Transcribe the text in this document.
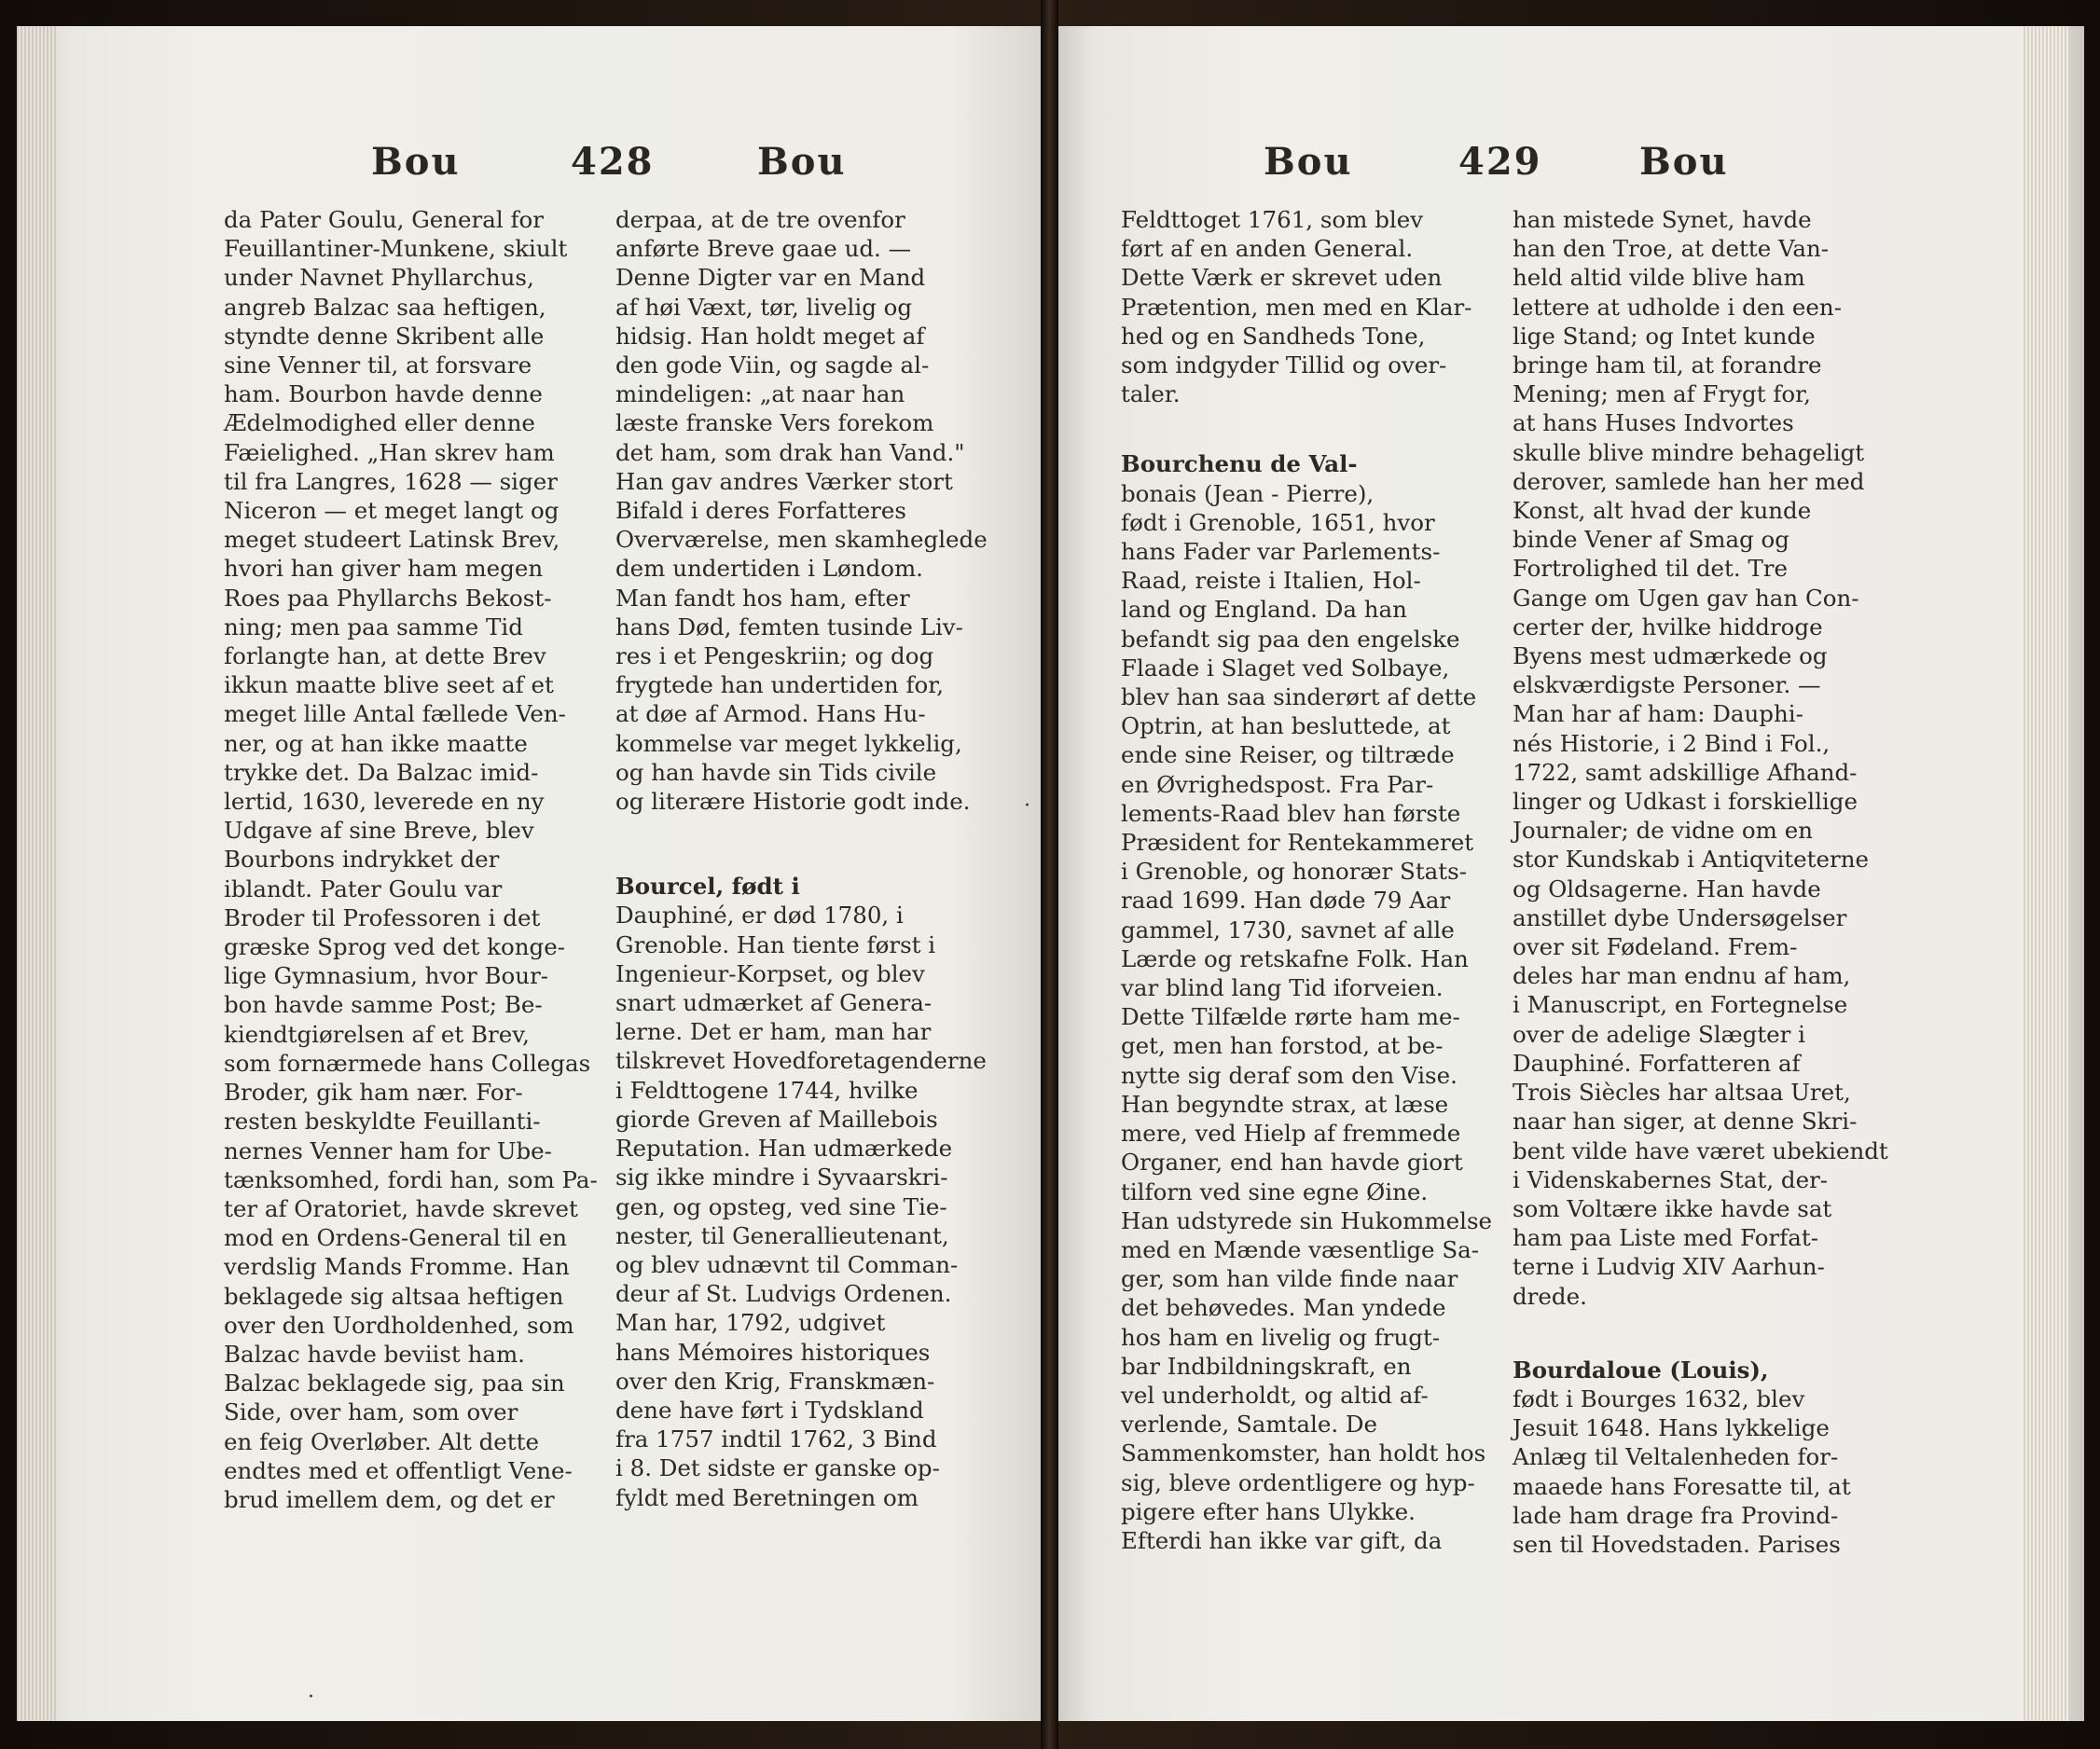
Bou	428	Bou

da Pater Goulu, General for

Feuillantiner-Munkene, skiult

under Navnet Phyllarchus,

angreb Balzac saa heftigen,

styndte denne Skribent alle

sine Venner til, at forsvare

ham. Bourbon havde denne

Ædelmodighed eller denne

Fæielighed. „Han skrev ham

til fra Langres, 1628 — siger

Niceron — et meget langt og

meget studeert Latinsk Brev,

hvori han giver ham megen

Roes paa Phyllarchs Bekost-

ning; men paa samme Tid

forlangte han, at dette Brev

ikkun maatte blive seet af et

meget lille Antal fællede Ven-

ner, og at han ikke maatte

trykke det. Da Balzac imid-

lertid, 1630, leverede en ny

Udgave af sine Breve, blev

Bourbons indrykket der

iblandt. Pater Goulu var

Broder til Professoren i det

græske Sprog ved det konge-

lige Gymnasium, hvor Bour-

bon havde samme Post; Be-

kiendtgiørelsen af et Brev,

som fornærmede hans Collegas

Broder, gik ham nær. For-

resten beskyldte Feuillanti-

nernes Venner ham for Ube-

tænksomhed, fordi han, som Pa-

ter af Oratoriet, havde skrevet

mod en Ordens-General til en

verdslig Mands Fromme. Han

beklagede sig altsaa heftigen

over den Uordholdenhed, som

Balzac havde beviist ham.

Balzac beklagede sig, paa sin

Side, over ham, som over

en feig Overløber. Alt dette

endtes med et offentligt Vene-

brud imellem dem, og det er

derpaa, at de tre ovenfor

anførte Breve gaae ud. —

Denne Digter var en Mand

af høi Væxt, tør, livelig og

hidsig. Han holdt meget af

den gode Viin, og sagde al-

mindeligen: „at naar han

læste franske Vers forekom

det ham, som drak han Vand."

Han gav andres Værker stort

Bifald i deres Forfatteres

Overværelse, men skamheglede

dem undertiden i Løndom.

Man fandt hos ham, efter

hans Død, femten tusinde Liv-

res i et Pengeskriin; og dog

frygtede han undertiden for,

at døe af Armod. Hans Hu-

kommelse var meget lykkelig,

og han havde sin Tids civile

og literære Historie godt inde.

Bourcel, født i

Dauphiné, er død 1780, i

Grenoble. Han tiente først i

Ingenieur-Korpset, og blev

snart udmærket af Genera-

lerne. Det er ham, man har

tilskrevet Hovedforetagenderne

i Feldttogene 1744, hvilke

giorde Greven af Maillebois

Reputation. Han udmærkede

sig ikke mindre i Syvaarskri-

gen, og opsteg, ved sine Tie-

nester, til Generallieutenant,

og blev udnævnt til Comman-

deur af St. Ludvigs Ordenen.

Man har, 1792, udgivet

hans Mémoires historiques

over den Krig, Franskmæn-

dene have ført i Tydskland

fra 1757 indtil 1762, 3 Bind

i 8. Det sidste er ganske op-

fyldt med Beretningen om

Bou	429	Bou

Feldttoget 1761, som blev

ført af en anden General.

Dette Værk er skrevet uden

Prætention, men med en Klar-

hed og en Sandheds Tone,

som indgyder Tillid og over-

taler.

Bourchenu de Val-

bonais (Jean - Pierre),

født i Grenoble, 1651, hvor

hans Fader var Parlements-

Raad, reiste i Italien, Hol-

land og England. Da han

befandt sig paa den engelske

Flaade i Slaget ved Solbaye,

blev han saa sinderørt af dette

Optrin, at han besluttede, at

ende sine Reiser, og tiltræde

en Øvrighedspost. Fra Par-

lements-Raad blev han første

Præsident for Rentekammeret

i Grenoble, og honorær Stats-

raad 1699. Han døde 79 Aar

gammel, 1730, savnet af alle

Lærde og retskafne Folk. Han

var blind lang Tid iforveien.

Dette Tilfælde rørte ham me-

get, men han forstod, at be-

nytte sig deraf som den Vise.

Han begyndte strax, at læse

mere, ved Hielp af fremmede

Organer, end han havde giort

tilforn ved sine egne Øine.

Han udstyrede sin Hukommelse

med en Mænde væsentlige Sa-

ger, som han vilde finde naar

det behøvedes. Man yndede

hos ham en livelig og frugt-

bar Indbildningskraft, en

vel underholdt, og altid af-

verlende, Samtale. De

Sammenkomster, han holdt hos

sig, bleve ordentligere og hyp-

pigere efter hans Ulykke.

Efterdi han ikke var gift, da

han mistede Synet, havde

han den Troe, at dette Van-

held altid vilde blive ham

lettere at udholde i den een-

lige Stand; og Intet kunde

bringe ham til, at forandre

Mening; men af Frygt for,

at hans Huses Indvortes

skulle blive mindre behageligt

derover, samlede han her med

Konst, alt hvad der kunde

binde Vener af Smag og

Fortrolighed til det. Tre

Gange om Ugen gav han Con-

certer der, hvilke hiddroge

Byens mest udmærkede og

elskværdigste Personer. —

Man har af ham: Dauphi-

nés Historie, i 2 Bind i Fol.,

1722, samt adskillige Afhand-

linger og Udkast i forskiellige

Journaler; de vidne om en

stor Kundskab i Antiqviteterne

og Oldsagerne. Han havde

anstillet dybe Undersøgelser

over sit Fødeland. Frem-

deles har man endnu af ham,

i Manuscript, en Fortegnelse

over de adelige Slægter i

Dauphiné. Forfatteren af

Trois Siècles har altsaa Uret,

naar han siger, at denne Skri-

bent vilde have været ubekiendt

i Videnskabernes Stat, der-

som Voltære ikke havde sat

ham paa Liste med Forfat-

terne i Ludvig XIV Aarhun-

drede.

Bourdaloue (Louis),

født i Bourges 1632, blev

Jesuit 1648. Hans lykkelige

Anlæg til Veltalenheden for-

maaede hans Foresatte til, at

lade ham drage fra Provind-

sen til Hovedstaden. Parises

·
·
